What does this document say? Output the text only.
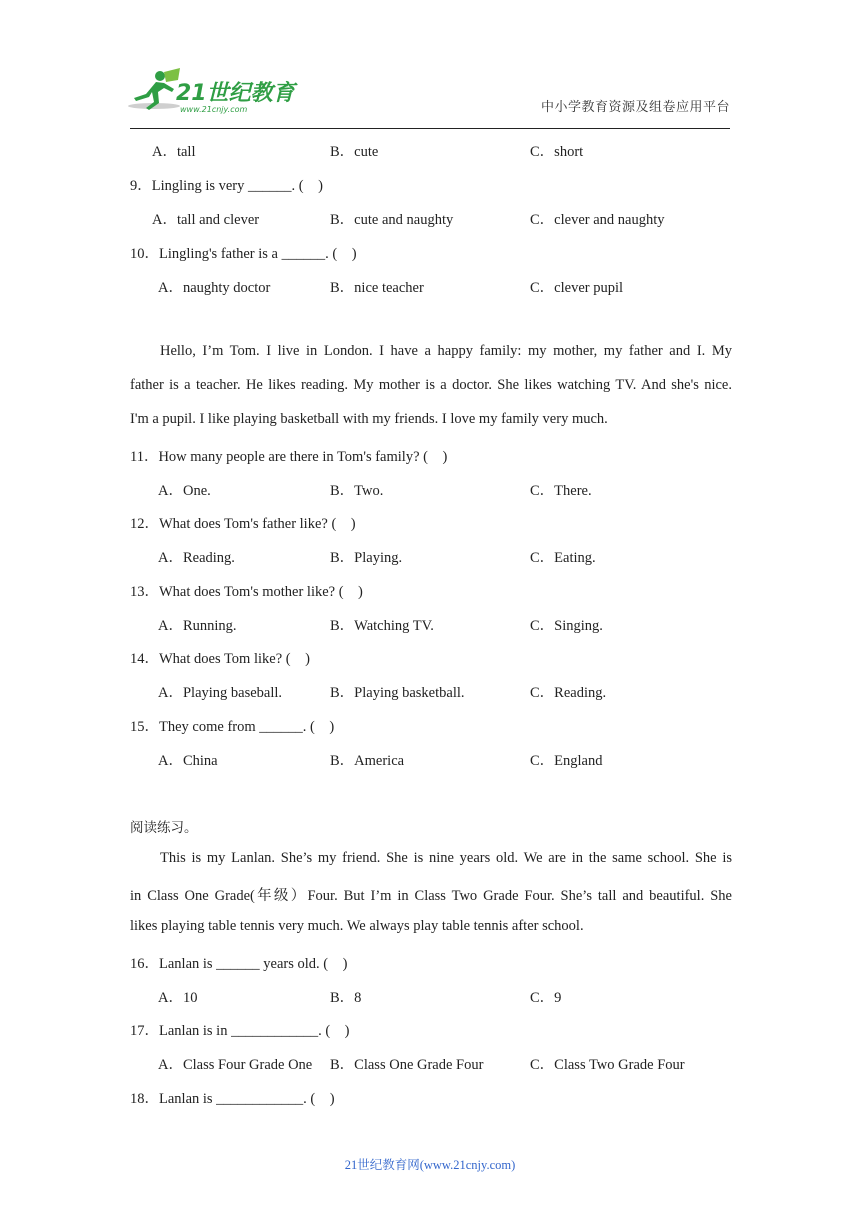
21世纪教育
www.21cnjy.com	中小学教育资源及组卷应用平台
A．tall	B．cute	C．short
9．Lingling is very ______. (　)
A．tall and clever	B．cute and naughty	C．clever and naughty
10．Lingling's father is a ______. (　)
A．naughty doctor	B．nice teacher	C．clever pupil
Hello, I’m Tom. I live in London. I have a happy family: my mother, my father and I. My
father is a teacher. He likes reading. My mother is a doctor. She likes watching TV. And she's nice.
I'm a pupil. I like playing basketball with my friends. I love my family very much.
11．How many people are there in Tom's family? (　)
A．One.	B．Two.	C．There.
12．What does Tom's father like? (　)
A．Reading.	B．Playing.	C．Eating.
13．What does Tom's mother like? (　)
A．Running.	B．Watching TV.	C．Singing.
14．What does Tom like? (　)
A．Playing baseball.	B．Playing basketball.	C．Reading.
15．They come from ______. (　)
A．China	B．America	C．England
阅读练习。
This is my Lanlan. She’s my friend. She is nine years old. We are in the same school. She is
in Class One Grade(年级）Four. But I’m in Class Two Grade Four. She’s tall and beautiful. She
likes playing table tennis very much. We always play table tennis after school.
16．Lanlan is ______ years old. (　)
A．10	B．8	C．9
17．Lanlan is in ____________. (　)
A．Class Four Grade One B．Class One Grade Four	C．Class Two Grade Four
18．Lanlan is ____________. (　)
21世纪教育网(www.21cnjy.com)
